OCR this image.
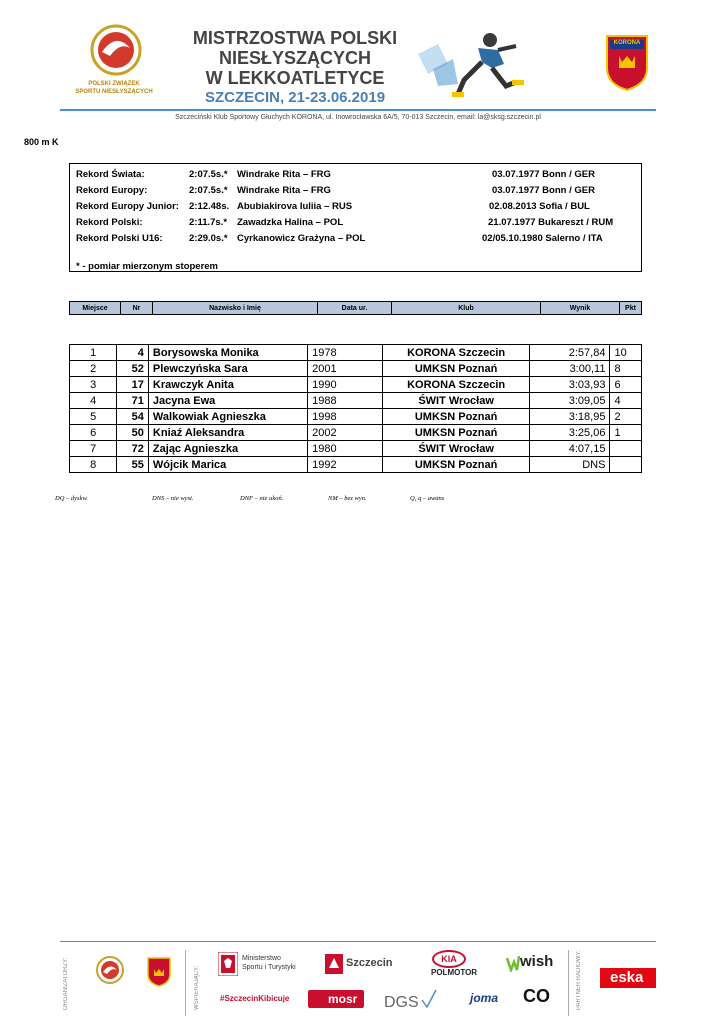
POLSKI ZWIĄZEK
SPORTU NIESŁYSZĄCYCH
MISTRZOSTWA POLSKI
NIESŁYSZĄCYCH
W LEKKOATLETYCE
SZCZECIN, 21-23.06.2019
KORONA
Szczeciński Klub Sportowy Głuchych KORONA, ul. Inowrocławska 6A/5, 70-013 Szczecin, email: la@sksg.szczecin.pl
800 m K
Rekord Świata:	2:07.5s.* Windrake Rita – FRG	03.07.1977 Bonn / GER
Rekord Europy:	2:07.5s.* Windrake Rita – FRG	03.07.1977 Bonn / GER
Rekord Europy Junior: 2:12.48s. Abubiakirova Iuliia – RUS	02.08.2013 Sofia / BUL
Rekord Polski:	2:11.7s.* Zawadzka Halina – POL	21.07.1977 Bukareszt / RUM
Rekord Polski U16:	2:29.0s.* Cyrkanowicz Grażyna – POL	02/05.10.1980 Salerno / ITA
* - pomiar mierzonym stoperem
Miejsce	Nr	Nazwisko i Imię	Data ur.	Klub	Wynik	Pkt
1	4	Borysowska Monika	1978	KORONA Szczecin	2:57,84	10
2	52	Plewczyńska Sara	2001	UMKSN Poznań	3:00,11	8
3	17	Krawczyk Anita	1990	KORONA Szczecin	3:03,93	6
4	71	Jacyna Ewa	1988	ŚWIT Wrocław	3:09,05	4
5	54	Walkowiak Agnieszka	1998	UMKSN Poznań	3:18,95	2
6	50	Kniaź Aleksandra	2002	UMKSN Poznań	3:25,06	1
7	72	Zając Agnieszka	1980	ŚWIT Wrocław	4:07,15	
8	55	Wójcik Marica	1992	UMKSN Poznań	DNS	
DQ – dyskw.	DNS – nie wyst.	DNF – nie ukoń.	NM – bez wyn.	Q, q – awans
ORGANIZATORZY:	WSPIERAJĄCY:
Ministerstwo
Sportu i Turystyki	Szczecin
#SzczecinKibicuje	mosr
KIA
POLMOTOR
wish
DGS	joma CO	PARTNER RADIOWY: eska
